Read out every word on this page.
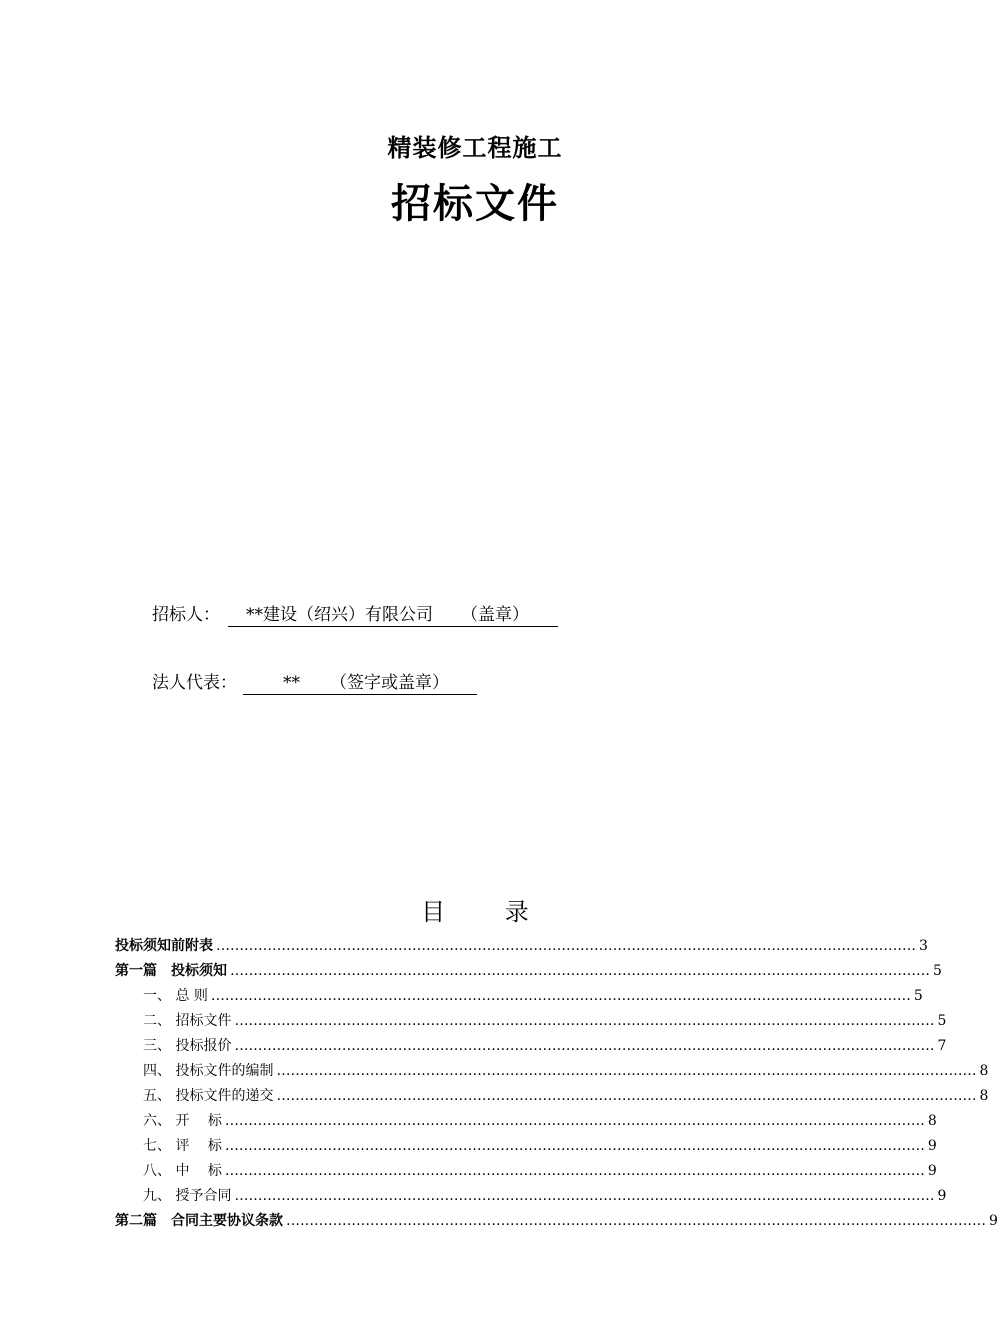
精装修工程施工
招标文件
招标人： **建设（绍兴）有限公司 （盖章）
法人代表：	** （签字或盖章）
目 录
投标须知前附表 …………………………………………………………………………………………………………………………………… 3
第一篇　投标须知 …………………………………………………………………………………………………………………………………… 5
一、 总 则 …………………………………………………………………………………………………………………………………… 5
二、 招标文件 …………………………………………………………………………………………………………………………………… 5
三、 投标报价 …………………………………………………………………………………………………………………………………… 7
四、 投标文件的编制 …………………………………………………………………………………………………………………………………… 8
五、 投标文件的递交 …………………………………………………………………………………………………………………………………… 8
六、 开　 标 …………………………………………………………………………………………………………………………………… 8
七、 评　 标 …………………………………………………………………………………………………………………………………… 9
八、 中　 标 …………………………………………………………………………………………………………………………………… 9
九、 授予合同 …………………………………………………………………………………………………………………………………… 9
第二篇　合同主要协议条款 …………………………………………………………………………………………………………………………………… 9
